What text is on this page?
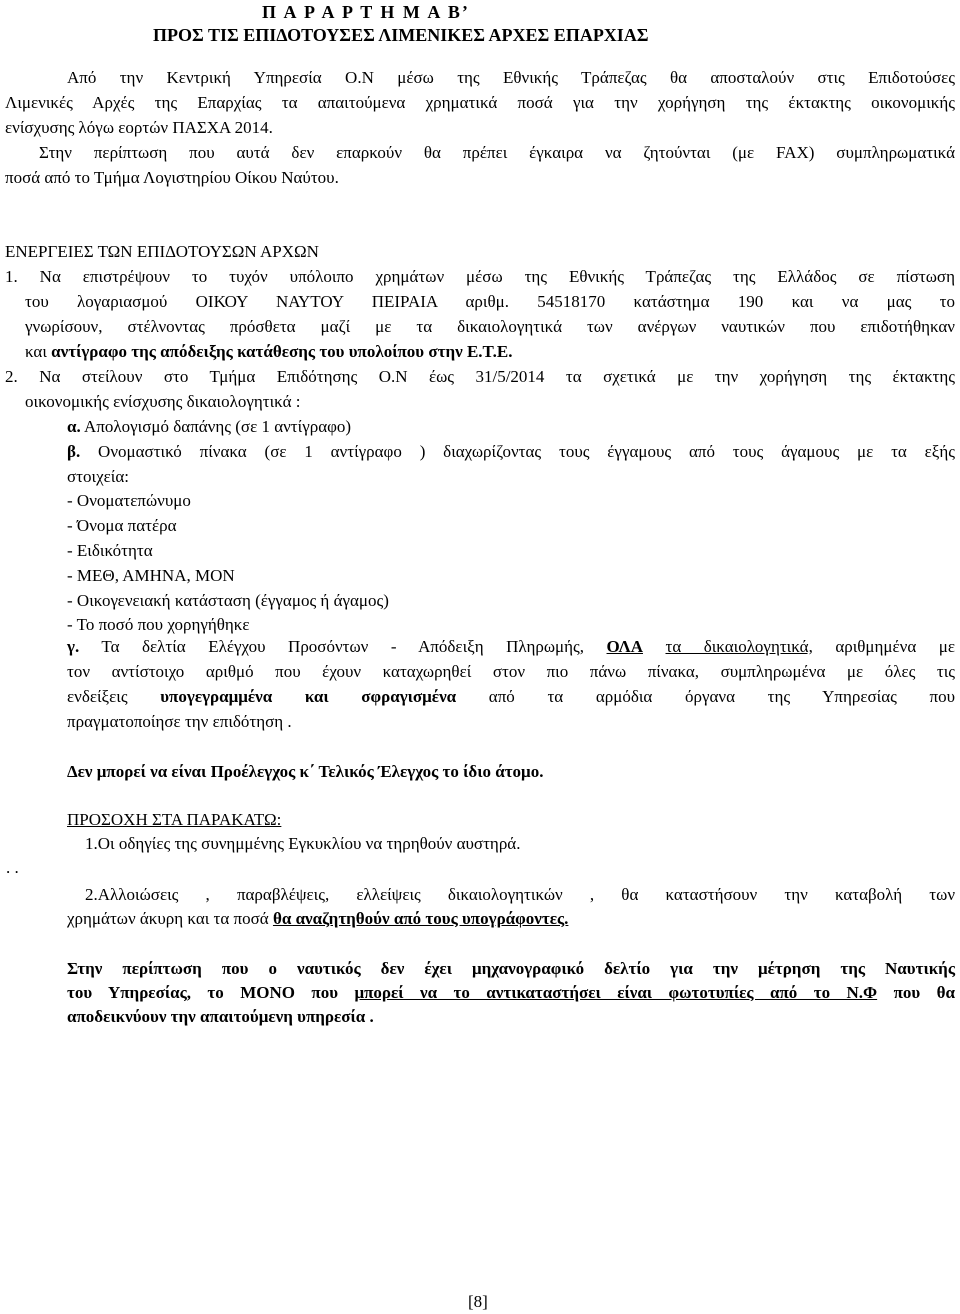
Π Α Ρ Α Ρ Τ Η Μ Α Β’
ΠΡΟΣ ΤΙΣ ΕΠΙΔΟΤΟΥΣΕΣ ΛΙΜΕΝΙΚΕΣ ΑΡΧΕΣ ΕΠΑΡΧΙΑΣ
Από την Κεντρική Υπηρεσία Ο.Ν μέσω της Εθνικής Τράπεζας θα αποσταλούν στις Επιδοτούσες
Λιμενικές Αρχές της Επαρχίας τα απαιτούμενα χρηματικά ποσά για την χορήγηση της έκτακτης οικονομικής
ενίσχυσης λόγω εορτών ΠΑΣΧΑ 2014.
Στην περίπτωση που αυτά δεν επαρκούν θα πρέπει έγκαιρα να ζητούνται (με FAX) συμπληρωματικά
ποσά από το Τμήμα Λογιστηρίου Οίκου Ναύτου.
ΕΝΕΡΓΕΙΕΣ ΤΩΝ ΕΠΙΔΟΤΟΥΣΩΝ ΑΡΧΩΝ
1. Να επιστρέψουν το τυχόν υπόλοιπο χρημάτων μέσω της Εθνικής Τράπεζας της Ελλάδος σε πίστωση
του λογαριασμού ΟΙΚΟΥ ΝΑΥΤΟΥ ΠΕΙΡΑΙΑ αριθμ. 54518170 κατάστημα 190 και να μας το
γνωρίσουν, στέλνοντας πρόσθετα μαζί με τα δικαιολογητικά των ανέργων ναυτικών που επιδοτήθηκαν
και αντίγραφο της απόδειξης κατάθεσης του υπολοίπου στην Ε.Τ.Ε.
2. Να στείλουν στο Τμήμα Επιδότησης Ο.Ν έως 31/5/2014 τα σχετικά με την χορήγηση της έκτακτης
οικονομικής ενίσχυσης δικαιολογητικά :
α. Απολογισμό δαπάνης (σε 1 αντίγραφο)
β. Ονομαστικό πίνακα (σε 1 αντίγραφο ) διαχωρίζοντας τους έγγαμους από τους άγαμους με τα εξής
στοιχεία:
- Ονοματεπώνυμο
- Όνομα πατέρα
- Ειδικότητα
- ΜΕΘ, ΑΜΗΝΑ, ΜΟΝ
- Οικογενειακή κατάσταση (έγγαμος ή άγαμος)
- Το ποσό που χορηγήθηκε
γ. Τα δελτία Ελέγχου Προσόντων - Απόδειξη Πληρωμής, ΟΛΑ τα δικαιολογητικά, αριθμημένα με
τον αντίστοιχο αριθμό που έχουν καταχωρηθεί στον πιο πάνω πίνακα, συμπληρωμένα με όλες τις
ενδείξεις υπογεγραμμένα και σφραγισμένα από τα αρμόδια όργανα της Υπηρεσίας που
πραγματοποίησε την επιδότηση .
Δεν μπορεί να είναι Προέλεγχος κ΄ Τελικός Έλεγχος το ίδιο άτομο.
ΠΡΟΣΟΧΗ ΣΤΑ ΠΑΡΑΚΑΤΩ:
1.Οι οδηγίες της συνημμένης Εγκυκλίου να τηρηθούν αυστηρά.
. .
2.Αλλοιώσεις , παραβλέψεις, ελλείψεις δικαιολογητικών , θα καταστήσουν την καταβολή των
χρημάτων άκυρη και τα ποσά θα αναζητηθούν από τους υπογράφοντες.
Στην περίπτωση που ο ναυτικός δεν έχει μηχανογραφικό δελτίο για την μέτρηση της Ναυτικής
του Υπηρεσίας, το ΜΟΝΟ που μπορεί να το αντικαταστήσει είναι φωτοτυπίες από το Ν.Φ που θα
αποδεικνύουν την απαιτούμενη υπηρεσία .
[8]
